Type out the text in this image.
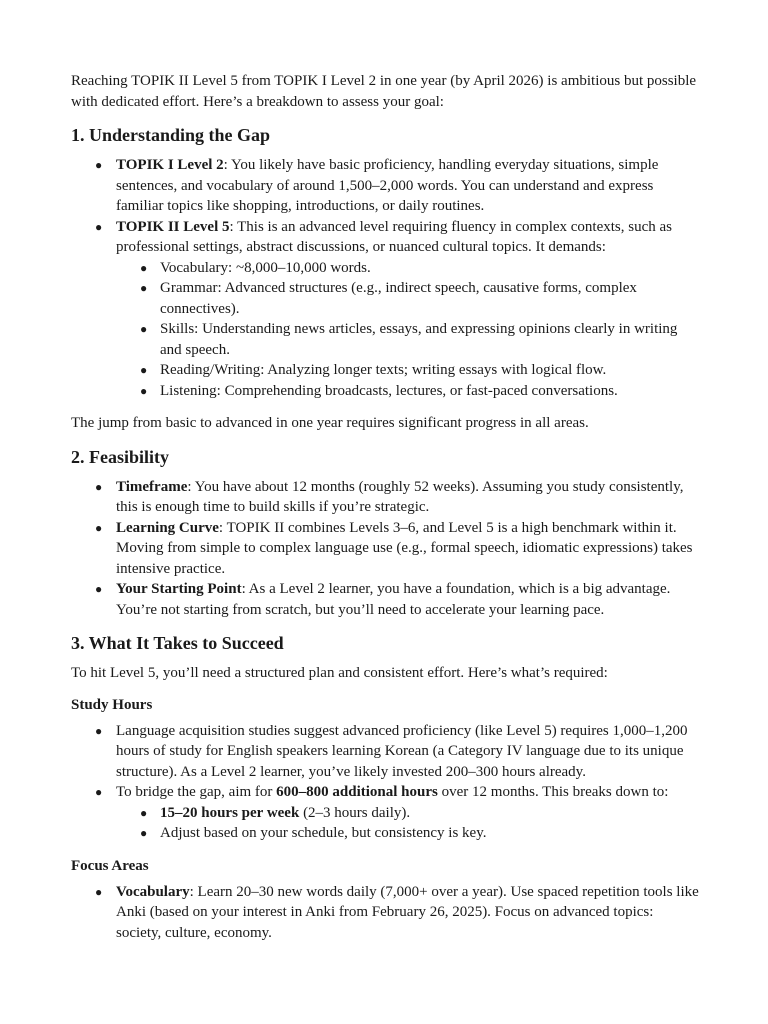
Reaching TOPIK II Level 5 from TOPIK I Level 2 in one year (by April 2026) is ambitious but possible with dedicated effort. Here’s a breakdown to assess your goal:

1. Understanding the Gap
● TOPIK I Level 2: You likely have basic proficiency, handling everyday situations, simple sentences, and vocabulary of around 1,500–2,000 words. You can understand and express familiar topics like shopping, introductions, or daily routines.
● TOPIK II Level 5: This is an advanced level requiring fluency in complex contexts, such as professional settings, abstract discussions, or nuanced cultural topics. It demands:
● Vocabulary: ~8,000–10,000 words.
● Grammar: Advanced structures (e.g., indirect speech, causative forms, complex connectives).
● Skills: Understanding news articles, essays, and expressing opinions clearly in writing and speech.
● Reading/Writing: Analyzing longer texts; writing essays with logical flow.
● Listening: Comprehending broadcasts, lectures, or fast-paced conversations.

The jump from basic to advanced in one year requires significant progress in all areas.

2. Feasibility
● Timeframe: You have about 12 months (roughly 52 weeks). Assuming you study consistently, this is enough time to build skills if you’re strategic.
● Learning Curve: TOPIK II combines Levels 3–6, and Level 5 is a high benchmark within it. Moving from simple to complex language use (e.g., formal speech, idiomatic expressions) takes intensive practice.
● Your Starting Point: As a Level 2 learner, you have a foundation, which is a big advantage. You’re not starting from scratch, but you’ll need to accelerate your learning pace.
3. What It Takes to Succeed

To hit Level 5, you’ll need a structured plan and consistent effort. Here’s what’s required:

Study Hours
● Language acquisition studies suggest advanced proficiency (like Level 5) requires 1,000–1,200 hours of study for English speakers learning Korean (a Category IV language due to its unique structure). As a Level 2 learner, you’ve likely invested 200–300 hours already.
● To bridge the gap, aim for 600–800 additional hours over 12 months. This breaks down to:
● 15–20 hours per week (2–3 hours daily).
● Adjust based on your schedule, but consistency is key.
Focus Areas
● Vocabulary: Learn 20–30 new words daily (7,000+ over a year). Use spaced repetition tools like Anki (based on your interest in Anki from February 26, 2025). Focus on advanced topics: society, culture, economy.
